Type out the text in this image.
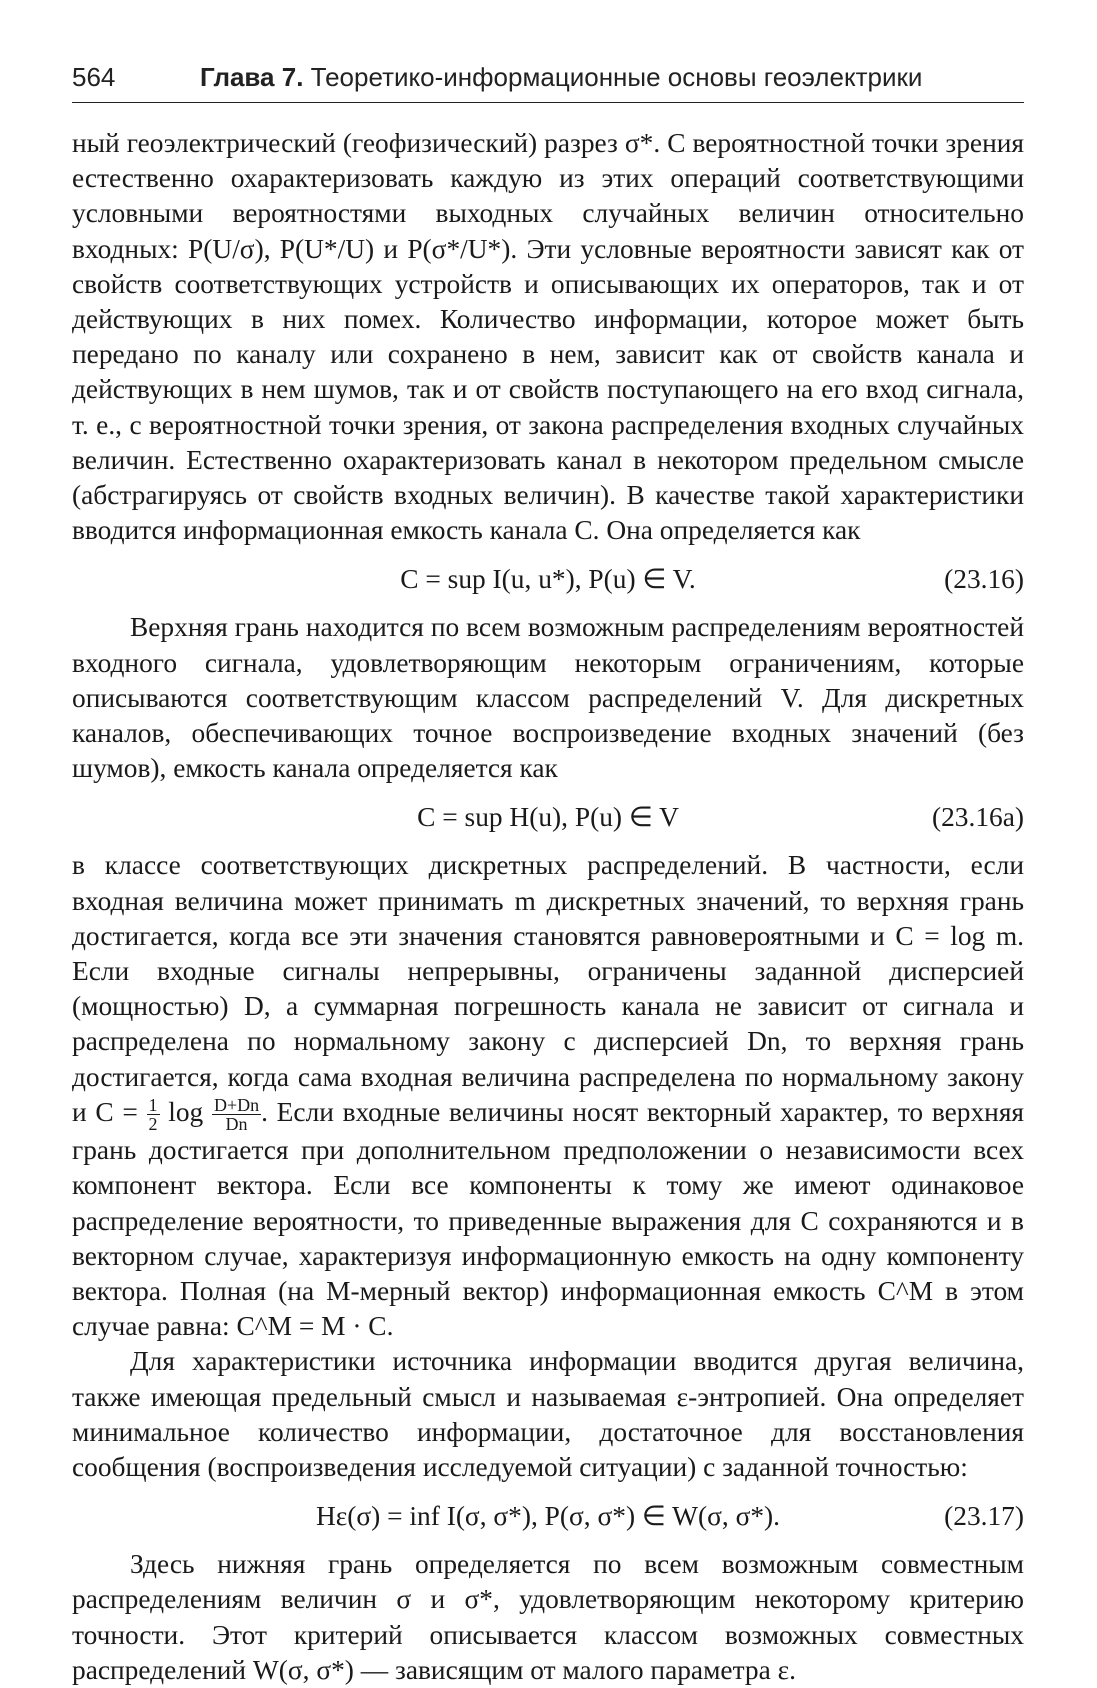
564	Глава 7. Теоретико-информационные основы геоэлектрики

ный геоэлектрический (геофизический) разрез σ*. С вероятностной точки зрения естественно охарактеризовать каждую из этих операций соответствующими условными вероятностями выходных случайных величин относительно входных: P(U/σ), P(U*/U) и P(σ*/U*). Эти условные вероятности зависят как от свойств соответствующих устройств и описывающих их операторов, так и от действующих в них помех. Количество информации, которое может быть передано по каналу или сохранено в нем, зависит как от свойств канала и действующих в нем шумов, так и от свойств поступающего на его вход сигнала, т. е., с вероятностной точки зрения, от закона распределения входных случайных величин. Естественно охарактеризовать канал в некотором предельном смысле (абстрагируясь от свойств входных величин). В качестве такой характеристики вводится информационная емкость канала C. Она определяется как

C = sup I(u, u*), P(u) ∈ V.	(23.16)

Верхняя грань находится по всем возможным распределениям вероятностей входного сигнала, удовлетворяющим некоторым ограничениям, которые описываются соответствующим классом распределений V. Для дискретных каналов, обеспечивающих точное воспроизведение входных значений (без шумов), емкость канала определяется как

C = sup H(u), P(u) ∈ V	(23.16a)

в классе соответствующих дискретных распределений. В частности, если входная величина может принимать m дискретных значений, то верхняя грань достигается, когда все эти значения становятся равновероятными и C = log m. Если входные сигналы непрерывны, ограничены заданной дисперсией (мощностью) D, а суммарная погрешность канала не зависит от сигнала и распределена по нормальному закону с дисперсией Dn, то верхняя грань достигается, когда сама входная величина распределена по нормальному закону и $C = \frac{1}{2}$ $\log \frac{D+Dn}{Dn}$ . Если входные величины носят векторный характер, то верхняя грань достигается при дополнительном предположении о независимости всех компонент вектора. Если все компоненты к тому же имеют одинаковое распределение вероятности, то приведенные выражения для C сохраняются и в векторном случае, характеризуя информационную емкость на одну компоненту вектора. Полная (на M-мерный вектор) информационная емкость C^M в этом случае равна: C^M = M · C.

Для характеристики источника информации вводится другая величина, также имеющая предельный смысл и называемая ε-энтропией. Она определяет минимальное количество информации, достаточное для восстановления сообщения (воспроизведения исследуемой ситуации) с заданной точностью:

Hε(σ) = inf I(σ, σ*), P(σ, σ*) ∈ W(σ, σ*).	(23.17)

Здесь нижняя грань определяется по всем возможным совместным распределениям величин σ и σ*, удовлетворяющим некоторому критерию точности. Этот критерий описывается классом возможных совместных распределений W(σ, σ*) — зависящим от малого параметра ε.
